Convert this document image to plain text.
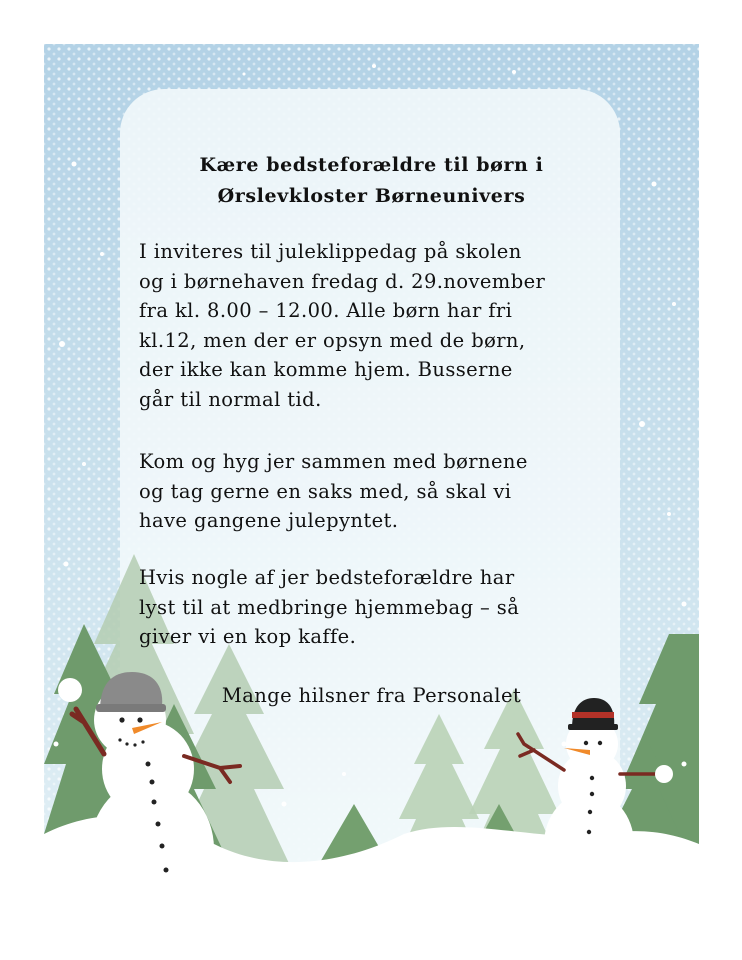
Kære bedsteforældre til børn i
Ørslevkloster Børneunivers
I inviteres til juleklippedag på skolen
og i børnehaven fredag d. 29.november
fra kl. 8.00 – 12.00. Alle børn har fri
kl.12, men der er opsyn med de børn,
der ikke kan komme hjem. Busserne
går til normal tid.
Kom og hyg jer sammen med børnene
og tag gerne en saks med, så skal vi
have gangene julepyntet.
Hvis nogle af jer bedsteforældre har
lyst til at medbringe hjemmebag – så
giver vi en kop kaffe.
Mange hilsner fra Personalet
